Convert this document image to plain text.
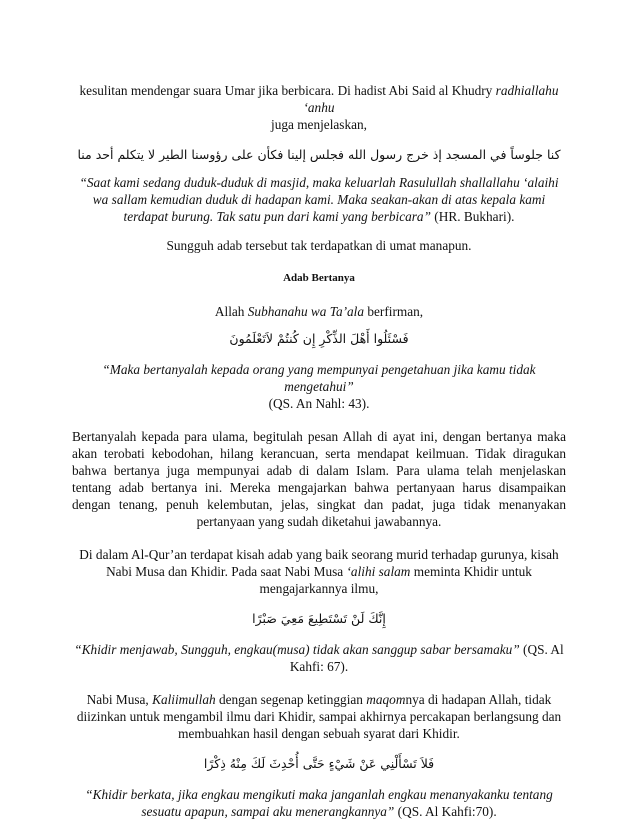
kesulitan mendengar suara Umar jika berbicara. Di hadist Abi Said al Khudry radhiallahu ‘anhu
juga menjelaskan,

كنا جلوساً في المسجد إذ خرج رسول الله فجلس إلينا فكأن على رؤوسنا الطير لا يتكلم أحد منا

“Saat kami sedang duduk-duduk di masjid, maka keluarlah Rasulullah shallallahu ‘alaihi wa sallam kemudian duduk di hadapan kami. Maka seakan-akan di atas kepala kami terdapat burung. Tak satu pun dari kami yang berbicara” (HR. Bukhari).

Sungguh adab tersebut tak terdapatkan di umat manapun.

Adab Bertanya

Allah Subhanahu wa Ta’ala berfirman,

فَسْئَلُوا أَهْلَ الذِّكْرِ إِن كُنتُمْ لاَتَعْلَمُونَ

“Maka bertanyalah kepada orang yang mempunyai pengetahuan jika kamu tidak mengetahui”
(QS. An Nahl: 43).

Bertanyalah kepada para ulama, begitulah pesan Allah di ayat ini, dengan bertanya maka akan terobati kebodohan, hilang kerancuan, serta mendapat keilmuan. Tidak diragukan bahwa bertanya juga mempunyai adab di dalam Islam. Para ulama telah menjelaskan tentang adab bertanya ini. Mereka mengajarkan bahwa pertanyaan harus disampaikan dengan tenang, penuh kelembutan, jelas, singkat dan padat, juga tidak menanyakan pertanyaan yang sudah diketahui jawabannya.

Di dalam Al-Qur’an terdapat kisah adab yang baik seorang murid terhadap gurunya, kisah Nabi Musa dan Khidir. Pada saat Nabi Musa ‘alihi salam meminta Khidir untuk mengajarkannya ilmu,

إِنَّكَ لَنْ تَسْتَطِيعَ مَعِيَ صَبْرًا

“Khidir menjawab, Sungguh, engkau(musa) tidak akan sanggup sabar bersamaku” (QS. Al Kahfi: 67).

Nabi Musa, Kaliimullah dengan segenap ketinggian maqomnya di hadapan Allah, tidak diizinkan untuk mengambil ilmu dari Khidir, sampai akhirnya percakapan berlangsung dan membuahkan hasil dengan sebuah syarat dari Khidir.

فَلاَ تَسْأَلْنِي عَنْ شَيْءٍ حَتَّى أُحْدِثَ لَكَ مِنْهُ ذِكْرًا

“Khidir berkata, jika engkau mengikuti maka janganlah engkau menanyakanku tentang sesuatu apapun, sampai aku menerangkannya” (QS. Al Kahfi:70).
